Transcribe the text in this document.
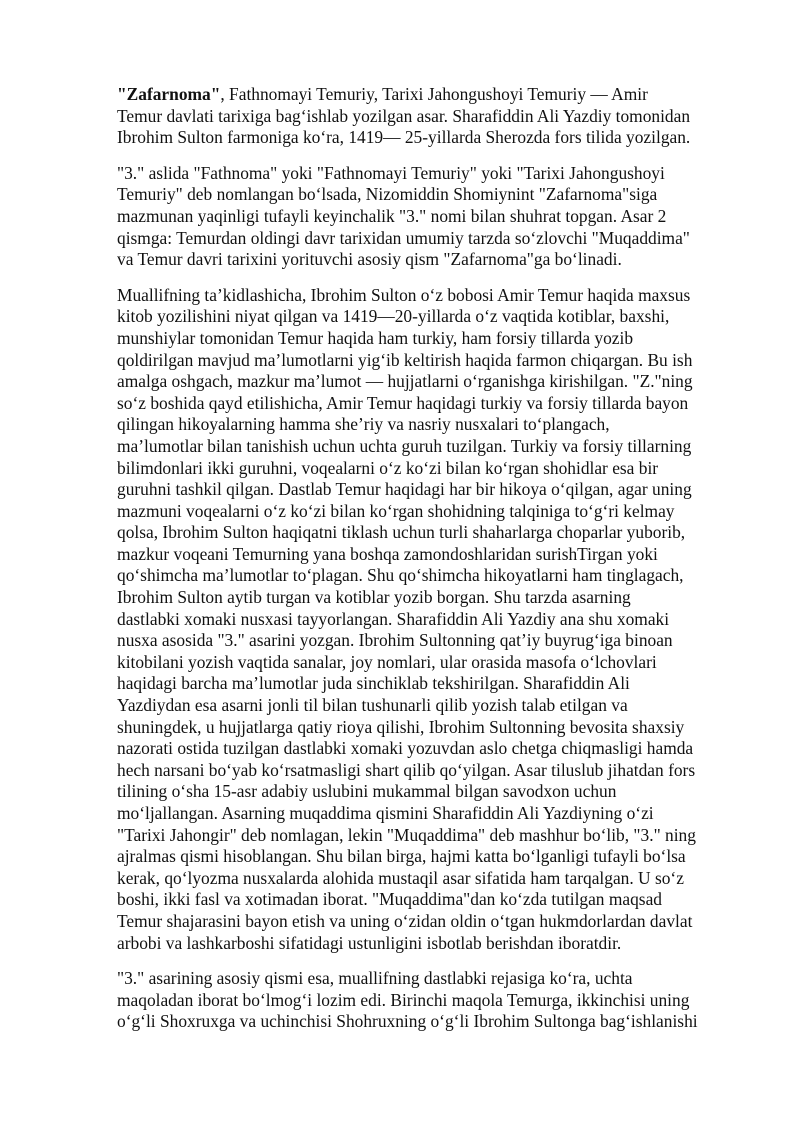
"Zafarnoma", Fathnomayi Temuriy, Tarixi Jahongushoyi Temuriy — Amir
Temur davlati tarixiga bag‘ishlab yozilgan asar. Sharafiddin Ali Yazdiy tomonidan
Ibrohim Sulton farmoniga ko‘ra, 1419— 25-yillarda Sherozda fors tilida yozilgan.

"3." aslida "Fathnoma" yoki "Fathnomayi Temuriy" yoki "Tarixi Jahongushoyi
Temuriy" deb nomlangan bo‘lsada, Nizomiddin Shomiynint "Zafarnoma"siga
mazmunan yaqinligi tufayli keyinchalik "3." nomi bilan shuhrat topgan. Asar 2
qismga: Temurdan oldingi davr tarixidan umumiy tarzda so‘zlovchi "Muqaddima"
va Temur davri tarixini yorituvchi asosiy qism "Zafarnoma"ga bo‘linadi.

Muallifning ta’kidlashicha, Ibrohim Sulton o‘z bobosi Amir Temur haqida maxsus
kitob yozilishini niyat qilgan va 1419—20-yillarda o‘z vaqtida kotiblar, baxshi,
munshiylar tomonidan Temur haqida ham turkiy, ham forsiy tillarda yozib
qoldirilgan mavjud ma’lumotlarni yig‘ib keltirish haqida farmon chiqargan. Bu ish
amalga oshgach, mazkur ma’lumot — hujjatlarni o‘rganishga kirishilgan. "Z."ning
so‘z boshida qayd etilishicha, Amir Temur haqidagi turkiy va forsiy tillarda bayon
qilingan hikoyalarning hamma she’riy va nasriy nusxalari to‘plangach,
ma’lumotlar bilan tanishish uchun uchta guruh tuzilgan. Turkiy va forsiy tillarning
bilimdonlari ikki guruhni, voqealarni o‘z ko‘zi bilan ko‘rgan shohidlar esa bir
guruhni tashkil qilgan. Dastlab Temur haqidagi har bir hikoya o‘qilgan, agar uning
mazmuni voqealarni o‘z ko‘zi bilan ko‘rgan shohidning talqiniga to‘g‘ri kelmay
qolsa, Ibrohim Sulton haqiqatni tiklash uchun turli shaharlarga choparlar yuborib,
mazkur voqeani Temurning yana boshqa zamondoshlaridan surishTirgan yoki
qo‘shimcha ma’lumotlar to‘plagan. Shu qo‘shimcha hikoyatlarni ham tinglagach,
Ibrohim Sulton aytib turgan va kotiblar yozib borgan. Shu tarzda asarning
dastlabki xomaki nusxasi tayyorlangan. Sharafiddin Ali Yazdiy ana shu xomaki
nusxa asosida "3." asarini yozgan. Ibrohim Sultonning qat’iy buyrug‘iga binoan
kitobilani yozish vaqtida sanalar, joy nomlari, ular orasida masofa o‘lchovlari
haqidagi barcha ma’lumotlar juda sinchiklab tekshirilgan. Sharafiddin Ali
Yazdiydan esa asarni jonli til bilan tushunarli qilib yozish talab etilgan va
shuningdek, u hujjatlarga qatiy rioya qilishi, Ibrohim Sultonning bevosita shaxsiy
nazorati ostida tuzilgan dastlabki xomaki yozuvdan aslo chetga chiqmasligi hamda
hech narsani bo‘yab ko‘rsatmasligi shart qilib qo‘yilgan. Asar tiluslub jihatdan fors
tilining o‘sha 15-asr adabiy uslubini mukammal bilgan savodxon uchun
mo‘ljallangan. Asarning muqaddima qismini Sharafiddin Ali Yazdiyning o‘zi
"Tarixi Jahongir" deb nomlagan, lekin "Muqaddima" deb mashhur bo‘lib, "3." ning
ajralmas qismi hisoblangan. Shu bilan birga, hajmi katta bo‘lganligi tufayli bo‘lsa
kerak, qo‘lyozma nusxalarda alohida mustaqil asar sifatida ham tarqalgan. U so‘z
boshi, ikki fasl va xotimadan iborat. "Muqaddima"dan ko‘zda tutilgan maqsad
Temur shajarasini bayon etish va uning o‘zidan oldin o‘tgan hukmdorlardan davlat
arbobi va lashkarboshi sifatidagi ustunligini isbotlab berishdan iboratdir.

"3." asarining asosiy qismi esa, muallifning dastlabki rejasiga ko‘ra, uchta
maqoladan iborat bo‘lmog‘i lozim edi. Birinchi maqola Temurga, ikkinchisi uning
o‘g‘li Shoxruxga va uchinchisi Shohruxning o‘g‘li Ibrohim Sultonga bag‘ishlanishi
